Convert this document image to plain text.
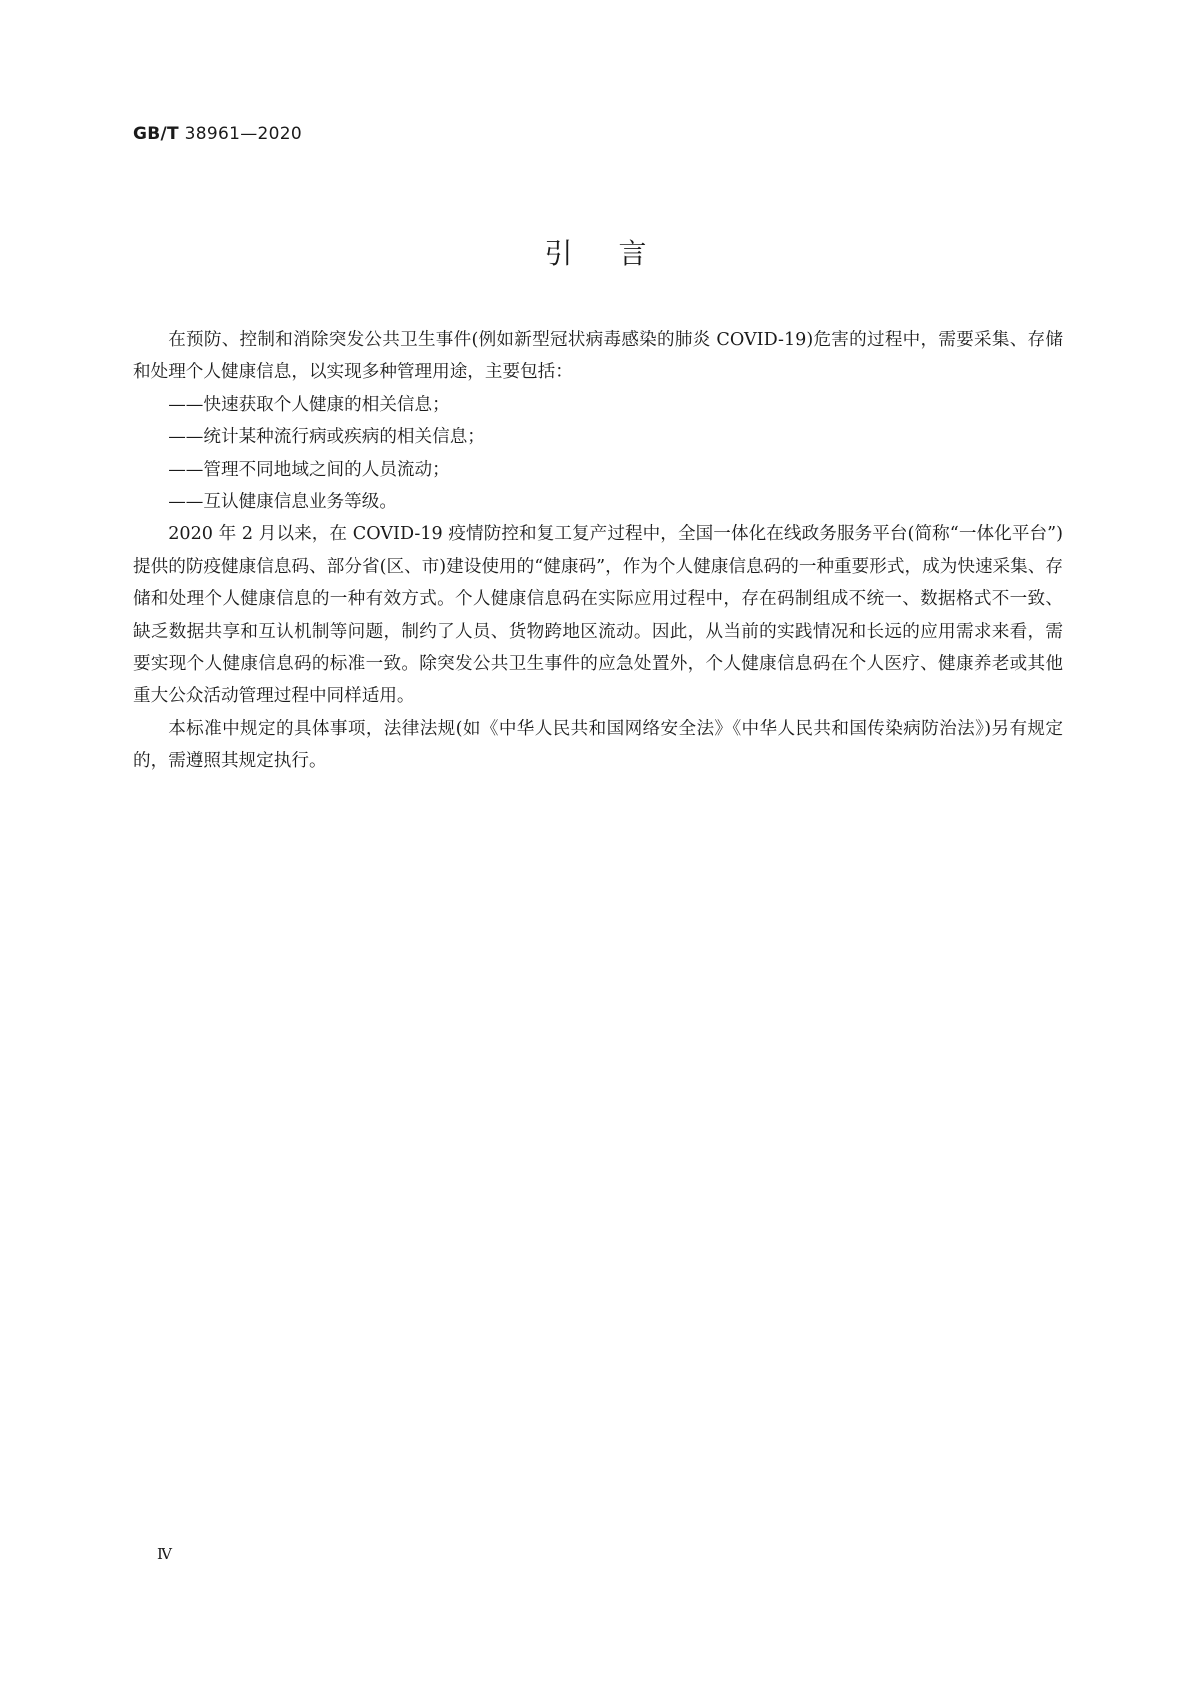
GB/T 38961—2020
引言

在预防、控制和消除突发公共卫生事件(例如新型冠状病毒感染的肺炎 COVID-19)危害的过程中，需要采集、存储和处理个人健康信息，以实现多种管理用途，主要包括：

——快速获取个人健康的相关信息；

——统计某种流行病或疾病的相关信息；

——管理不同地域之间的人员流动；

——互认健康信息业务等级。

2020 年 2 月以来，在 COVID-19 疫情防控和复工复产过程中，全国一体化在线政务服务平台(简称“一体化平台”)提供的防疫健康信息码、部分省(区、市)建设使用的“健康码”，作为个人健康信息码的一种重要形式，成为快速采集、存储和处理个人健康信息的一种有效方式。个人健康信息码在实际应用过程中，存在码制组成不统一、数据格式不一致、缺乏数据共享和互认机制等问题，制约了人员、货物跨地区流动。因此，从当前的实践情况和长远的应用需求来看，需要实现个人健康信息码的标准一致。除突发公共卫生事件的应急处置外，个人健康信息码在个人医疗、健康养老或其他重大公众活动管理过程中同样适用。

本标准中规定的具体事项，法律法规(如《中华人民共和国网络安全法》《中华人民共和国传染病防治法》)另有规定的，需遵照其规定执行。

Ⅳ
